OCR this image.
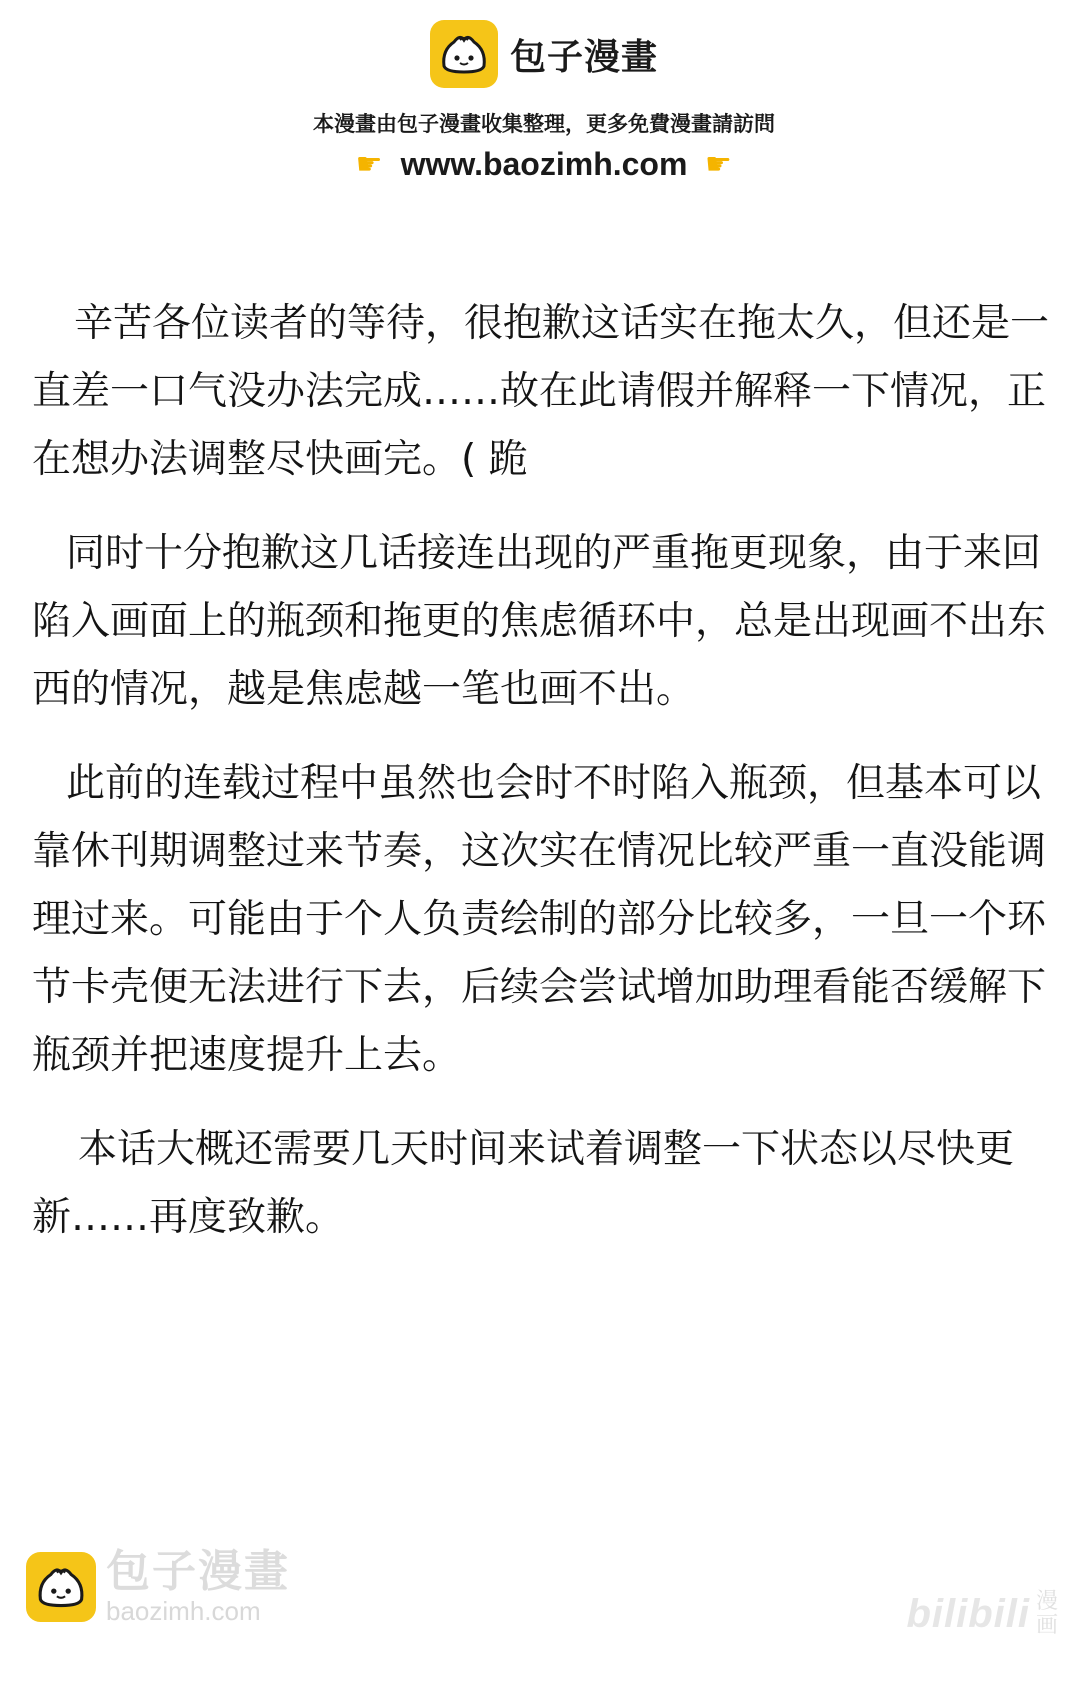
包子漫畫
本漫畫由包子漫畫收集整理，更多免費漫畫請訪問
☛ www.baozimh.com ☚

辛苦各位读者的等待，很抱歉这话实在拖太久，但还是一直差一口气没办法完成……故在此请假并解释一下情况，正在想办法调整尽快画完。( 跪

同时十分抱歉这几话接连出现的严重拖更现象，由于来回陷入画面上的瓶颈和拖更的焦虑循环中，总是出现画不出东西的情况，越是焦虑越一笔也画不出。

此前的连载过程中虽然也会时不时陷入瓶颈，但基本可以靠休刊期调整过来节奏，这次实在情况比较严重一直没能调理过来。可能由于个人负责绘制的部分比较多，一旦一个环节卡壳便无法进行下去，后续会尝试增加助理看能否缓解下瓶颈并把速度提升上去。

本话大概还需要几天时间来试着调整一下状态以尽快更新……再度致歉。

包子漫畫
baozimh.com	bilibili 漫
画
